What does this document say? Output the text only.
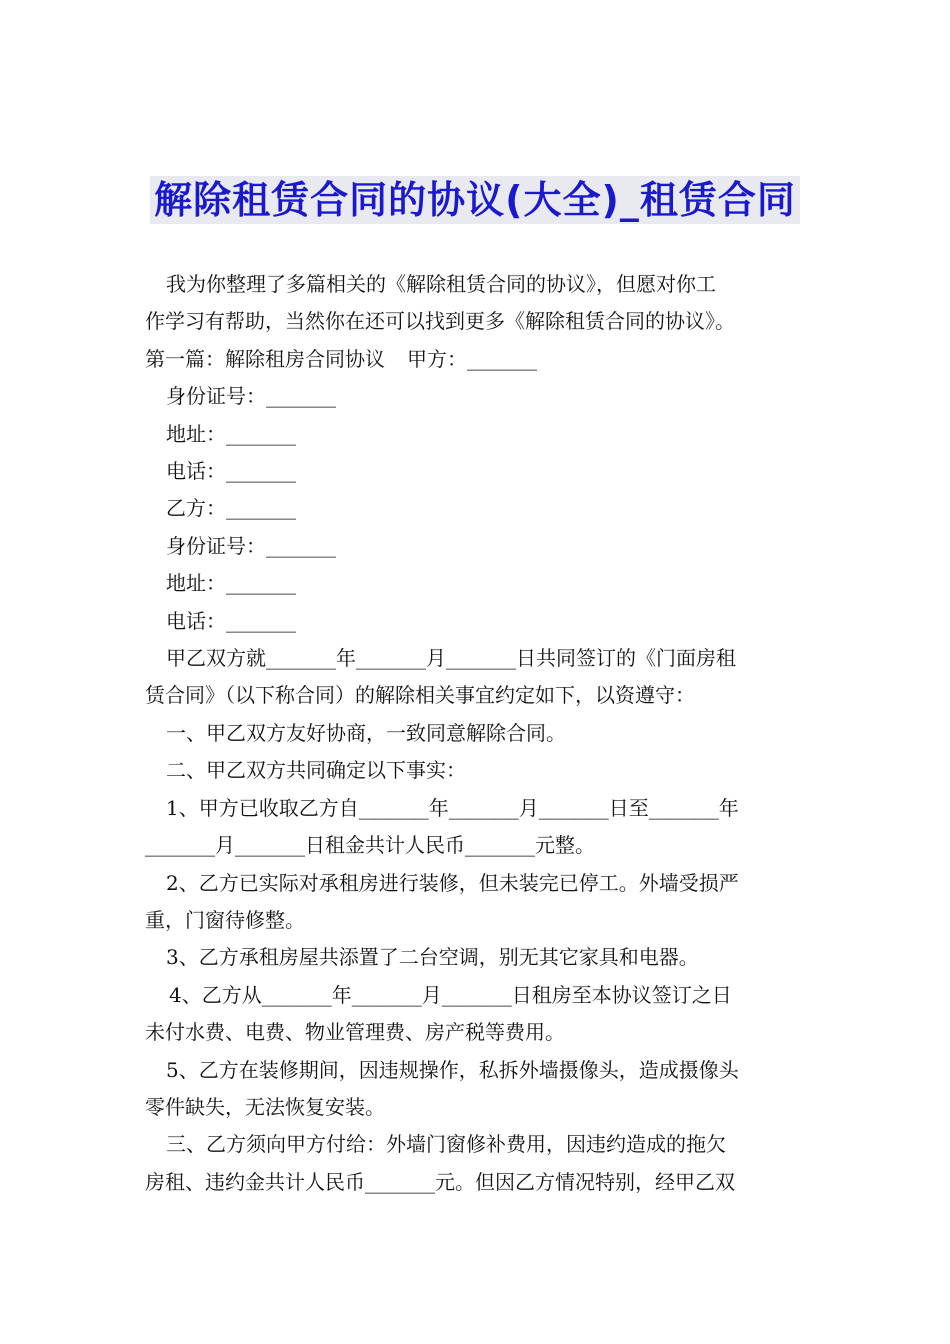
解除租赁合同的协议(大全)_租赁合同

我为你整理了多篇相关的《解除租赁合同的协议》，但愿对你工

作学习有帮助，当然你在还可以找到更多《解除租赁合同的协议》。

第一篇：解除租房合同协议 甲方：_______

身份证号：_______

地址：_______

电话：_______

乙方：_______

身份证号：_______

地址：_______

电话：_______

甲乙双方就_______年_______月_______日共同签订的《门面房租

赁合同》（以下称合同）的解除相关事宜约定如下，以资遵守：

一、甲乙双方友好协商，一致同意解除合同。

二、甲乙双方共同确定以下事实：

1、甲方已收取乙方自_______年_______月_______日至_______年

_______月_______日租金共计人民币_______元整。

2、乙方已实际对承租房进行装修，但未装完已停工。外墙受损严

重，门窗待修整。

3、乙方承租房屋共添置了二台空调，别无其它家具和电器。

4、乙方从_______年_______月_______日租房至本协议签订之日

未付水费、电费、物业管理费、房产税等费用。

5、乙方在装修期间，因违规操作，私拆外墙摄像头，造成摄像头

零件缺失，无法恢复安装。

三、乙方须向甲方付给：外墙门窗修补费用，因违约造成的拖欠

房租、违约金共计人民币_______元。但因乙方情况特别，经甲乙双
